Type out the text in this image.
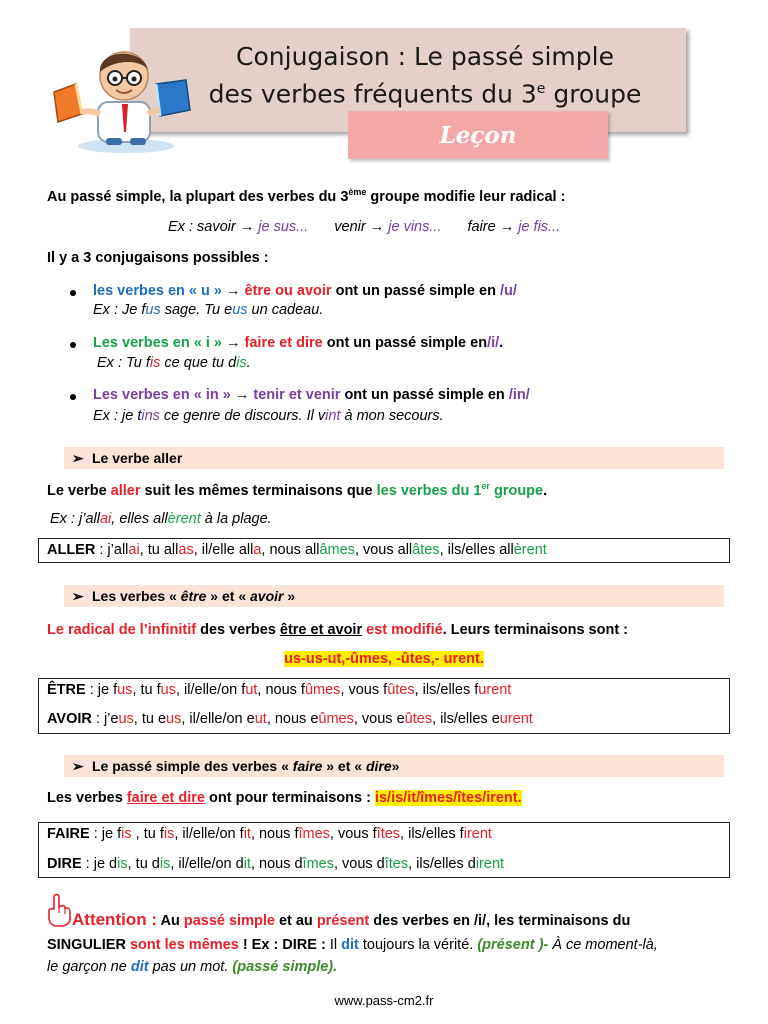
Conjugaison : Le passé simple
des verbes fréquents du 3e groupe
Leçon
Au passé simple, la plupart des verbes du 3ème groupe modifie leur radical :
Ex : savoir → je sus... venir → je vins... faire → je fis...
Il y a 3 conjugaisons possibles :
les verbes en « u » → être ou avoir ont un passé simple en /u/
Ex : Je fus sage. Tu eus un cadeau.
Les verbes en « i » → faire et dire ont un passé simple en/i/.
Ex : Tu fis ce que tu dis.
Les verbes en « in » → tenir et venir ont un passé simple en /in/
Ex : je tins ce genre de discours. Il vint à mon secours.
➢ Le verbe aller
Le verbe aller suit les mêmes terminaisons que les verbes du 1er groupe.
Ex : j’allai, elles allèrent à la plage.
ALLER : j’allai, tu allas, il/elle alla, nous allâmes, vous allâtes, ils/elles allèrent
➢ Les verbes « être » et « avoir »
Le radical de l’infinitif des verbes être et avoir est modifié. Leurs terminaisons sont :
us-us-ut,-ûmes, -ûtes,- urent.
ÊTRE : je fus, tu fus, il/elle/on fut, nous fûmes, vous fûtes, ils/elles furent
AVOIR : j’eus, tu eus, il/elle/on eut, nous eûmes, vous eûtes, ils/elles eurent
➢ Le passé simple des verbes « faire » et « dire»
Les verbes faire et dire ont pour terminaisons : is/is/it/îmes/îtes/irent.
FAIRE : je fis , tu fis, il/elle/on fit, nous fîmes, vous fîtes, ils/elles firent
DIRE : je dis, tu dis, il/elle/on dit, nous dîmes, vous dîtes, ils/elles dirent
Attention : Au passé simple et au présent des verbes en /i/, les terminaisons du
SINGULIER sont les mêmes ! Ex : DIRE : Il dit toujours la vérité. (présent )- À ce moment-là,
le garçon ne dit pas un mot. (passé simple).
www.pass-cm2.fr
